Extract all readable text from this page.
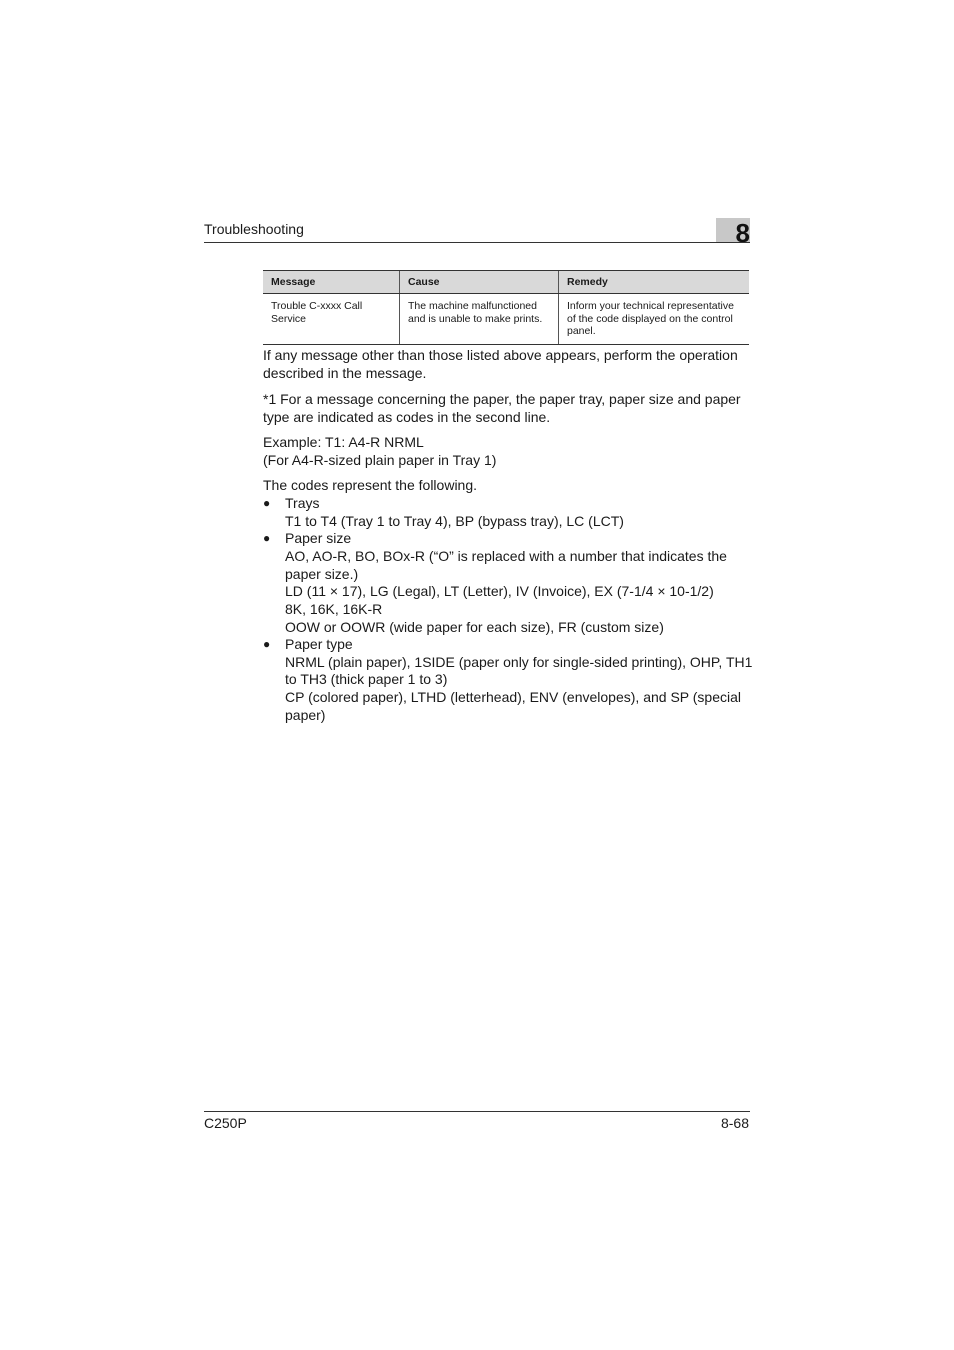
Troubleshooting	8
Message	Cause	Remedy
Trouble C-xxxx Call Service	The machine malfunctioned and is unable to make prints.	Inform your technical representative of the code displayed on the control panel.
If any message other than those listed above appears, perform the operation described in the message.
*1 For a message concerning the paper, the paper tray, paper size and paper type are indicated as codes in the second line.
Example: T1: A4-R NRML
(For A4-R-sized plain paper in Tray 1)
The codes represent the following.
●	Trays
T1 to T4 (Tray 1 to Tray 4), BP (bypass tray), LC (LCT)
●	Paper size
AO, AO-R, BO, BOx-R (“O” is replaced with a number that indicates the paper size.)
LD (11 × 17), LG (Legal), LT (Letter), IV (Invoice), EX (7-1/4 × 10-1/2)
8K, 16K, 16K-R
OOW or OOWR (wide paper for each size), FR (custom size)
●	Paper type
NRML (plain paper), 1SIDE (paper only for single-sided printing), OHP, TH1 to TH3 (thick paper 1 to 3)
CP (colored paper), LTHD (letterhead), ENV (envelopes), and SP (special paper)
C250P	8-68
